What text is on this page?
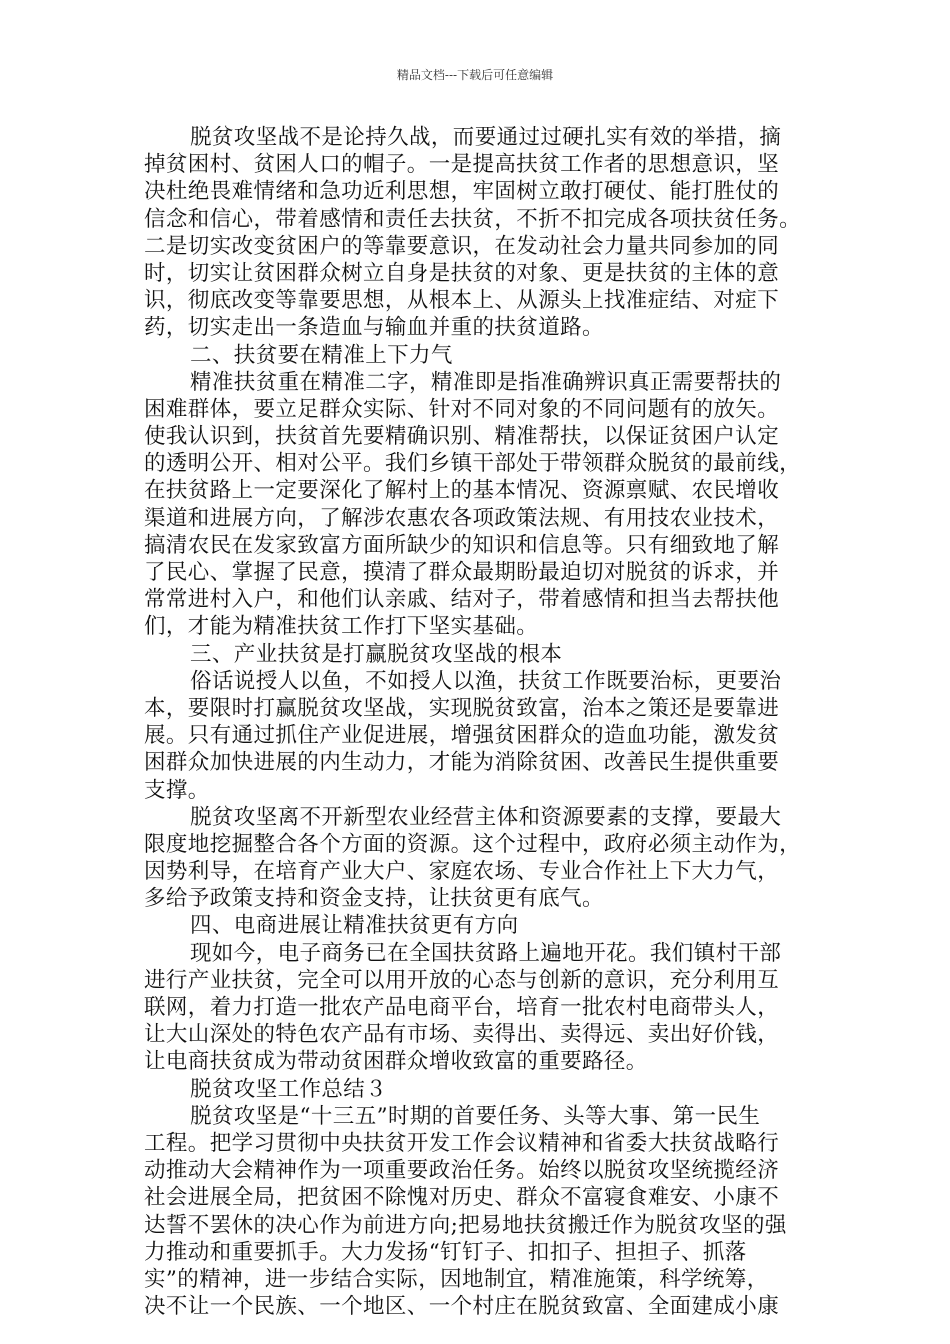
精品文档---下载后可任意编辑
脱贫攻坚战不是论持久战，而要通过过硬扎实有效的举措，摘
掉贫困村、贫困人口的帽子。一是提高扶贫工作者的思想意识，坚
决杜绝畏难情绪和急功近利思想，牢固树立敢打硬仗、能打胜仗的
信念和信心，带着感情和责任去扶贫，不折不扣完成各项扶贫任务。
二是切实改变贫困户的等靠要意识，在发动社会力量共同参加的同
时，切实让贫困群众树立自身是扶贫的对象、更是扶贫的主体的意
识，彻底改变等靠要思想，从根本上、从源头上找准症结、对症下
药，切实走出一条造血与输血并重的扶贫道路。
二、扶贫要在精准上下力气
精准扶贫重在精准二字，精准即是指准确辨识真正需要帮扶的
困难群体，要立足群众实际、针对不同对象的不同问题有的放矢。
使我认识到，扶贫首先要精确识别、精准帮扶，以保证贫困户认定
的透明公开、相对公平。我们乡镇干部处于带领群众脱贫的最前线，
在扶贫路上一定要深化了解村上的基本情况、资源禀赋、农民增收
渠道和进展方向，了解涉农惠农各项政策法规、有用技农业技术，
搞清农民在发家致富方面所缺少的知识和信息等。只有细致地了解
了民心、掌握了民意，摸清了群众最期盼最迫切对脱贫的诉求，并
常常进村入户，和他们认亲戚、结对子，带着感情和担当去帮扶他
们，才能为精准扶贫工作打下坚实基础。
三、产业扶贫是打赢脱贫攻坚战的根本
俗话说授人以鱼，不如授人以渔，扶贫工作既要治标，更要治
本，要限时打赢脱贫攻坚战，实现脱贫致富，治本之策还是要靠进
展。只有通过抓住产业促进展，增强贫困群众的造血功能，激发贫
困群众加快进展的内生动力，才能为消除贫困、改善民生提供重要
支撑。
脱贫攻坚离不开新型农业经营主体和资源要素的支撑，要最大
限度地挖掘整合各个方面的资源。这个过程中，政府必须主动作为，
因势利导，在培育产业大户、家庭农场、专业合作社上下大力气，
多给予政策支持和资金支持，让扶贫更有底气。
四、电商进展让精准扶贫更有方向
现如今，电子商务已在全国扶贫路上遍地开花。我们镇村干部
进行产业扶贫，完全可以用开放的心态与创新的意识，充分利用互
联网，着力打造一批农产品电商平台，培育一批农村电商带头人，
让大山深处的特色农产品有市场、卖得出、卖得远、卖出好价钱，
让电商扶贫成为带动贫困群众增收致富的重要路径。
脱贫攻坚工作总结３
脱贫攻坚是“十三五”时期的首要任务、头等大事、第一民生
工程。把学习贯彻中央扶贫开发工作会议精神和省委大扶贫战略行
动推动大会精神作为一项重要政治任务。始终以脱贫攻坚统揽经济
社会进展全局，把贫困不除愧对历史、群众不富寝食难安、小康不
达誓不罢休的决心作为前进方向;把易地扶贫搬迁作为脱贫攻坚的强
力推动和重要抓手。大力发扬“钉钉子、扣扣子、担担子、抓落
实”的精神，进一步结合实际，因地制宜，精准施策，科学统筹，
决不让一个民族、一个地区、一个村庄在脱贫致富、全面建成小康
